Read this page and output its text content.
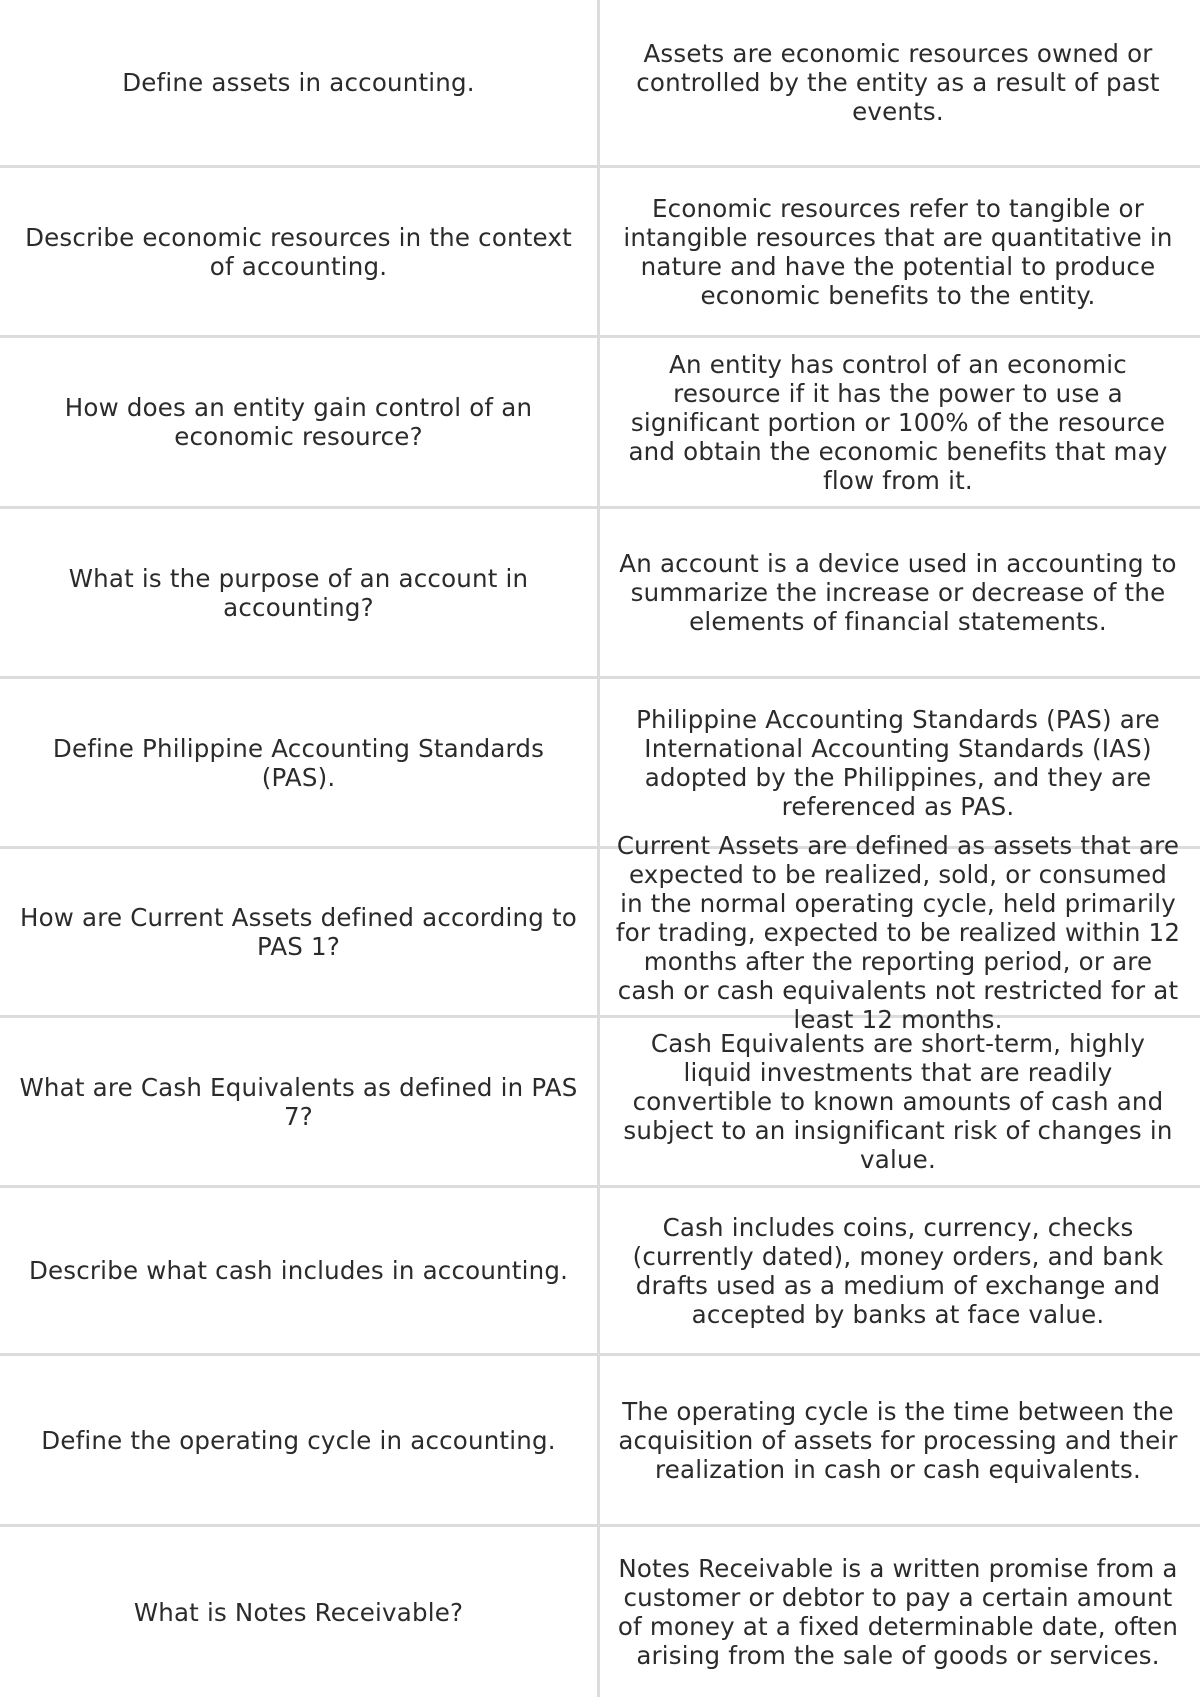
Define assets in accounting.
Assets are economic resources owned or controlled by the entity as a result of past events.
Describe economic resources in the context of accounting.
Economic resources refer to tangible or intangible resources that are quantitative in nature and have the potential to produce economic benefits to the entity.
How does an entity gain control of an economic resource?
An entity has control of an economic resource if it has the power to use a significant portion or 100% of the resource and obtain the economic benefits that may flow from it.
What is the purpose of an account in accounting?
An account is a device used in accounting to summarize the increase or decrease of the elements of financial statements.
Define Philippine Accounting Standards (PAS).
Philippine Accounting Standards (PAS) are International Accounting Standards (IAS) adopted by the Philippines, and they are referenced as PAS.
How are Current Assets defined according to PAS 1?
Current Assets are defined as assets that are expected to be realized, sold, or consumed in the normal operating cycle, held primarily for trading, expected to be realized within 12 months after the reporting period, or are cash or cash equivalents not restricted for at least 12 months.
What are Cash Equivalents as defined in PAS 7?
Cash Equivalents are short-term, highly liquid investments that are readily convertible to known amounts of cash and subject to an insignificant risk of changes in value.
Describe what cash includes in accounting.
Cash includes coins, currency, checks (currently dated), money orders, and bank drafts used as a medium of exchange and accepted by banks at face value.
Define the operating cycle in accounting.
The operating cycle is the time between the acquisition of assets for processing and their realization in cash or cash equivalents.
What is Notes Receivable?
Notes Receivable is a written promise from a customer or debtor to pay a certain amount of money at a fixed determinable date, often arising from the sale of goods or services.
